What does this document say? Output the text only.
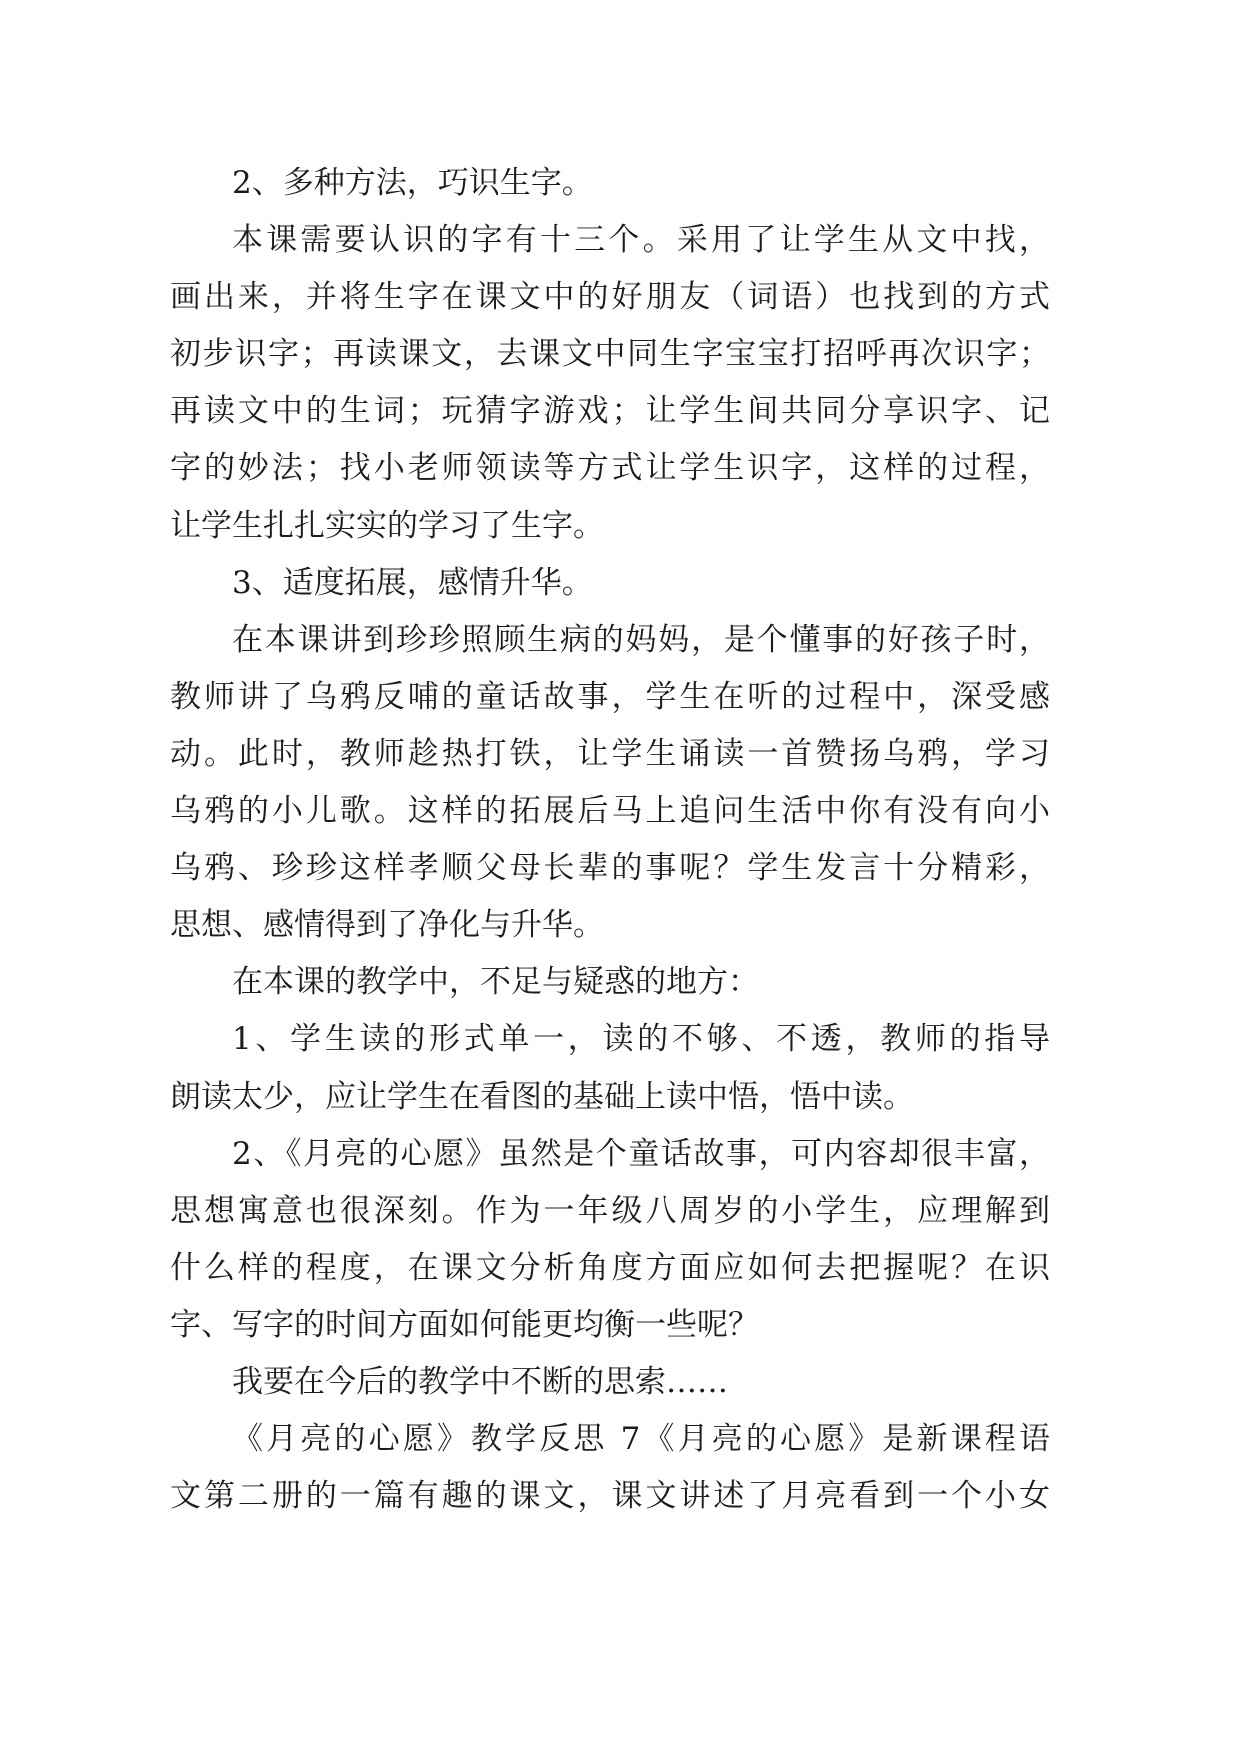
2、多种方法，巧识生字。
本课需要认识的字有十三个。采用了让学生从文中找，
画出来，并将生字在课文中的好朋友（词语）也找到的方式
初步识字；再读课文，去课文中同生字宝宝打招呼再次识字；
再读文中的生词；玩猜字游戏；让学生间共同分享识字、记
字的妙法；找小老师领读等方式让学生识字，这样的过程，
让学生扎扎实实的学习了生字。
3、适度拓展，感情升华。
在本课讲到珍珍照顾生病的妈妈，是个懂事的好孩子时，
教师讲了乌鸦反哺的童话故事，学生在听的过程中，深受感
动。此时，教师趁热打铁，让学生诵读一首赞扬乌鸦，学习
乌鸦的小儿歌。这样的拓展后马上追问生活中你有没有向小
乌鸦、珍珍这样孝顺父母长辈的事呢？学生发言十分精彩，
思想、感情得到了净化与升华。
在本课的教学中，不足与疑惑的地方：
1、学生读的形式单一，读的不够、不透，教师的指导
朗读太少，应让学生在看图的基础上读中悟，悟中读。
2、《月亮的心愿》虽然是个童话故事，可内容却很丰富，
思想寓意也很深刻。作为一年级八周岁的小学生，应理解到
什么样的程度，在课文分析角度方面应如何去把握呢？在识
字、写字的时间方面如何能更均衡一些呢？
我要在今后的教学中不断的思索……
《月亮的心愿》教学反思 7《月亮的心愿》是新课程语
文第二册的一篇有趣的课文，课文讲述了月亮看到一个小女
